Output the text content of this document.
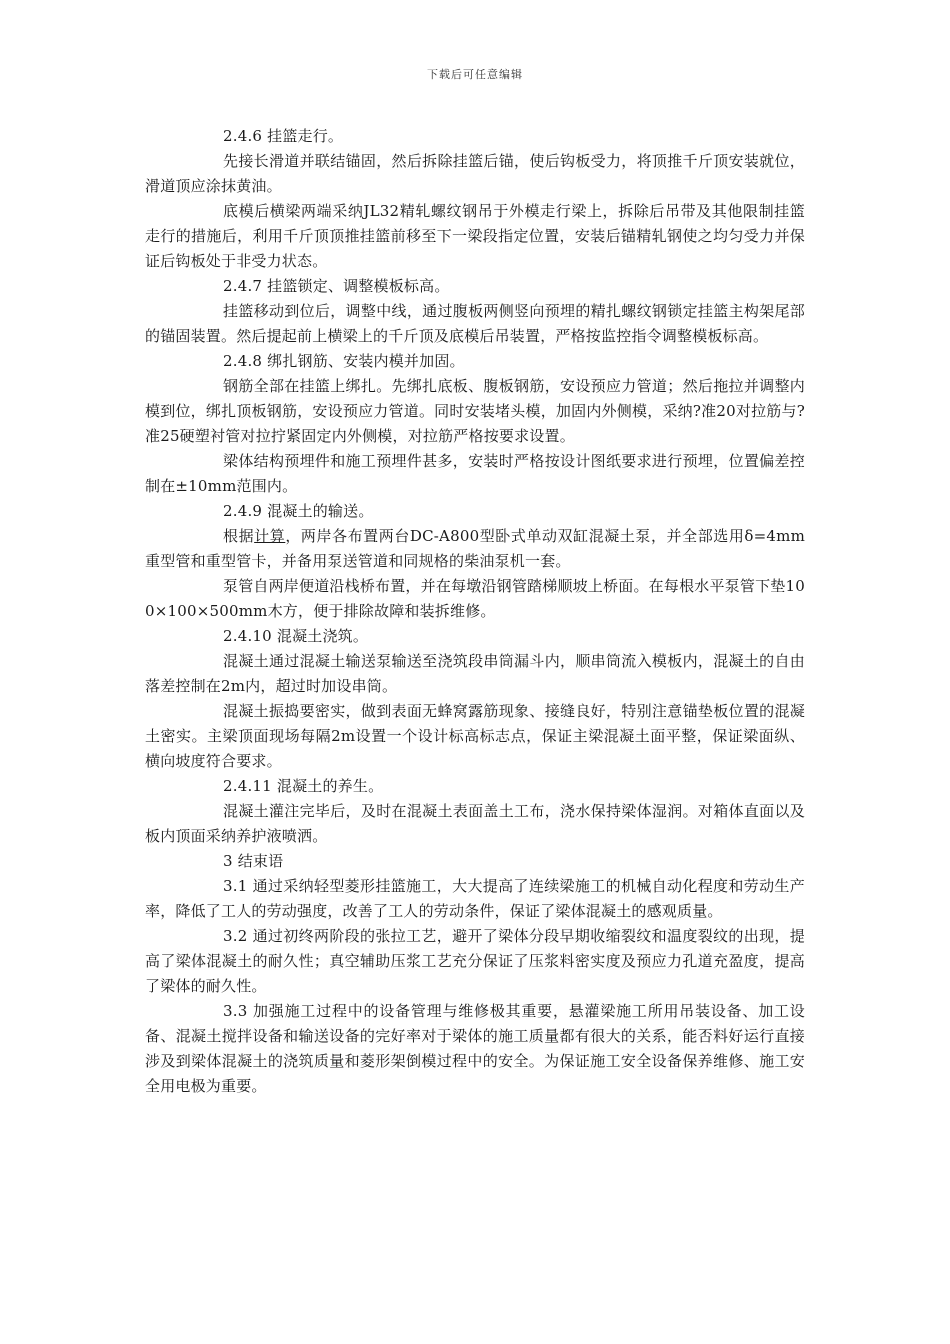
下载后可任意编辑

2.4.6 挂篮走行。

先接长滑道并联结锚固，然后拆除挂篮后锚，使后钩板受力，将顶推千斤顶安装就位，滑道顶应涂抹黄油。

底模后横梁两端采纳JL32精轧螺纹钢吊于外模走行梁上，拆除后吊带及其他限制挂篮走行的措施后，利用千斤顶顶推挂篮前移至下一梁段指定位置，安装后锚精轧钢使之均匀受力并保证后钩板处于非受力状态。

2.4.7 挂篮锁定、调整模板标高。

挂篮移动到位后，调整中线，通过腹板两侧竖向预埋的精扎螺纹钢锁定挂篮主构架尾部的锚固装置。然后提起前上横梁上的千斤顶及底模后吊装置，严格按监控指令调整模板标高。

2.4.8 绑扎钢筋、安装内模并加固。

钢筋全部在挂篮上绑扎。先绑扎底板、腹板钢筋，安设预应力管道；然后拖拉并调整内模到位，绑扎顶板钢筋，安设预应力管道。同时安装堵头模，加固内外侧模，采纳?准20对拉筋与?准25硬塑衬管对拉拧紧固定内外侧模，对拉筋严格按要求设置。

梁体结构预埋件和施工预埋件甚多，安装时严格按设计图纸要求进行预埋，位置偏差控制在±10mm范围内。

2.4.9 混凝土的输送。

根据计算，两岸各布置两台DC-A800型卧式单动双缸混凝土泵，并全部选用δ=4mm重型管和重型管卡，并备用泵送管道和同规格的柴油泵机一套。

泵管自两岸便道沿栈桥布置，并在每墩沿钢管踏梯顺坡上桥面。在每根水平泵管下垫100×100×500mm木方，便于排除故障和装拆维修。

2.4.10 混凝土浇筑。

混凝土通过混凝土输送泵输送至浇筑段串筒漏斗内，顺串筒流入模板内，混凝土的自由落差控制在2m内，超过时加设串筒。

混凝土振捣要密实，做到表面无蜂窝露筋现象、接缝良好，特别注意锚垫板位置的混凝土密实。主梁顶面现场每隔2m设置一个设计标高标志点，保证主梁混凝土面平整，保证梁面纵、横向坡度符合要求。

2.4.11 混凝土的养生。

混凝土灌注完毕后，及时在混凝土表面盖土工布，浇水保持梁体湿润。对箱体直面以及板内顶面采纳养护液喷洒。

3 结束语

3.1 通过采纳轻型菱形挂篮施工，大大提高了连续梁施工的机械自动化程度和劳动生产率，降低了工人的劳动强度，改善了工人的劳动条件，保证了梁体混凝土的感观质量。

3.2 通过初终两阶段的张拉工艺，避开了梁体分段早期收缩裂纹和温度裂纹的出现，提高了梁体混凝土的耐久性；真空辅助压浆工艺充分保证了压浆料密实度及预应力孔道充盈度，提高了梁体的耐久性。

3.3 加强施工过程中的设备管理与维修极其重要，悬灌梁施工所用吊装设备、加工设备、混凝土搅拌设备和输送设备的完好率对于梁体的施工质量都有很大的关系，能否料好运行直接涉及到梁体混凝土的浇筑质量和菱形架倒模过程中的安全。为保证施工安全设备保养维修、施工安全用电极为重要。
